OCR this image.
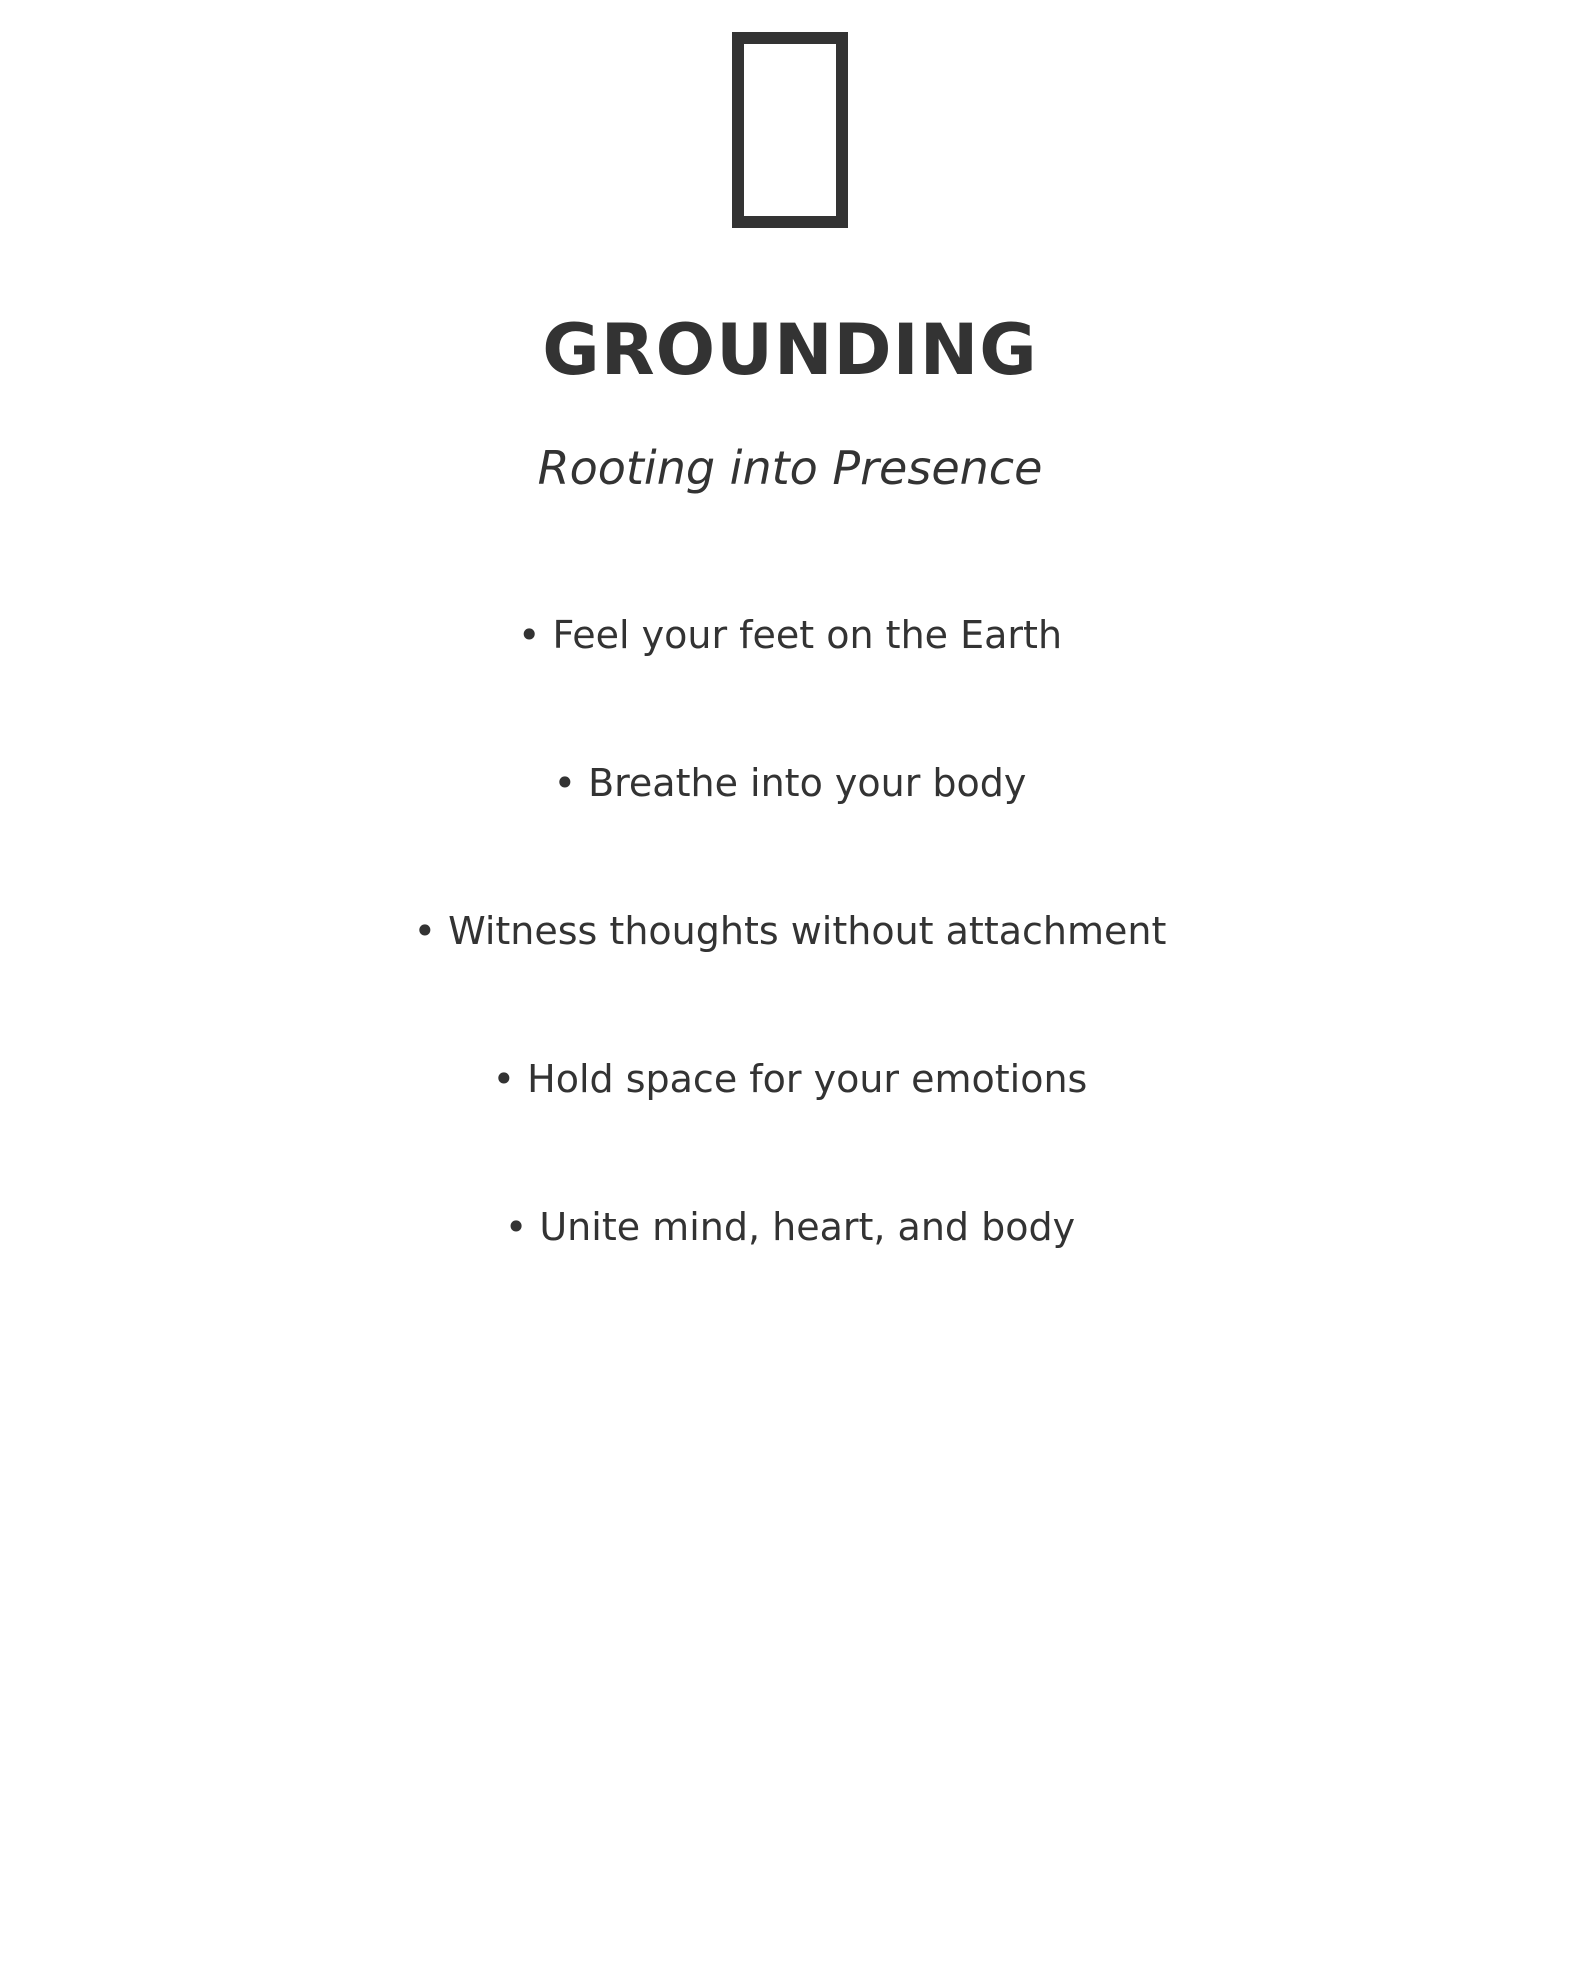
GROUNDING

Rooting into Presence

• Feel your feet on the Earth
• Breathe into your body
• Witness thoughts without attachment
• Hold space for your emotions
• Unite mind, heart, and body
